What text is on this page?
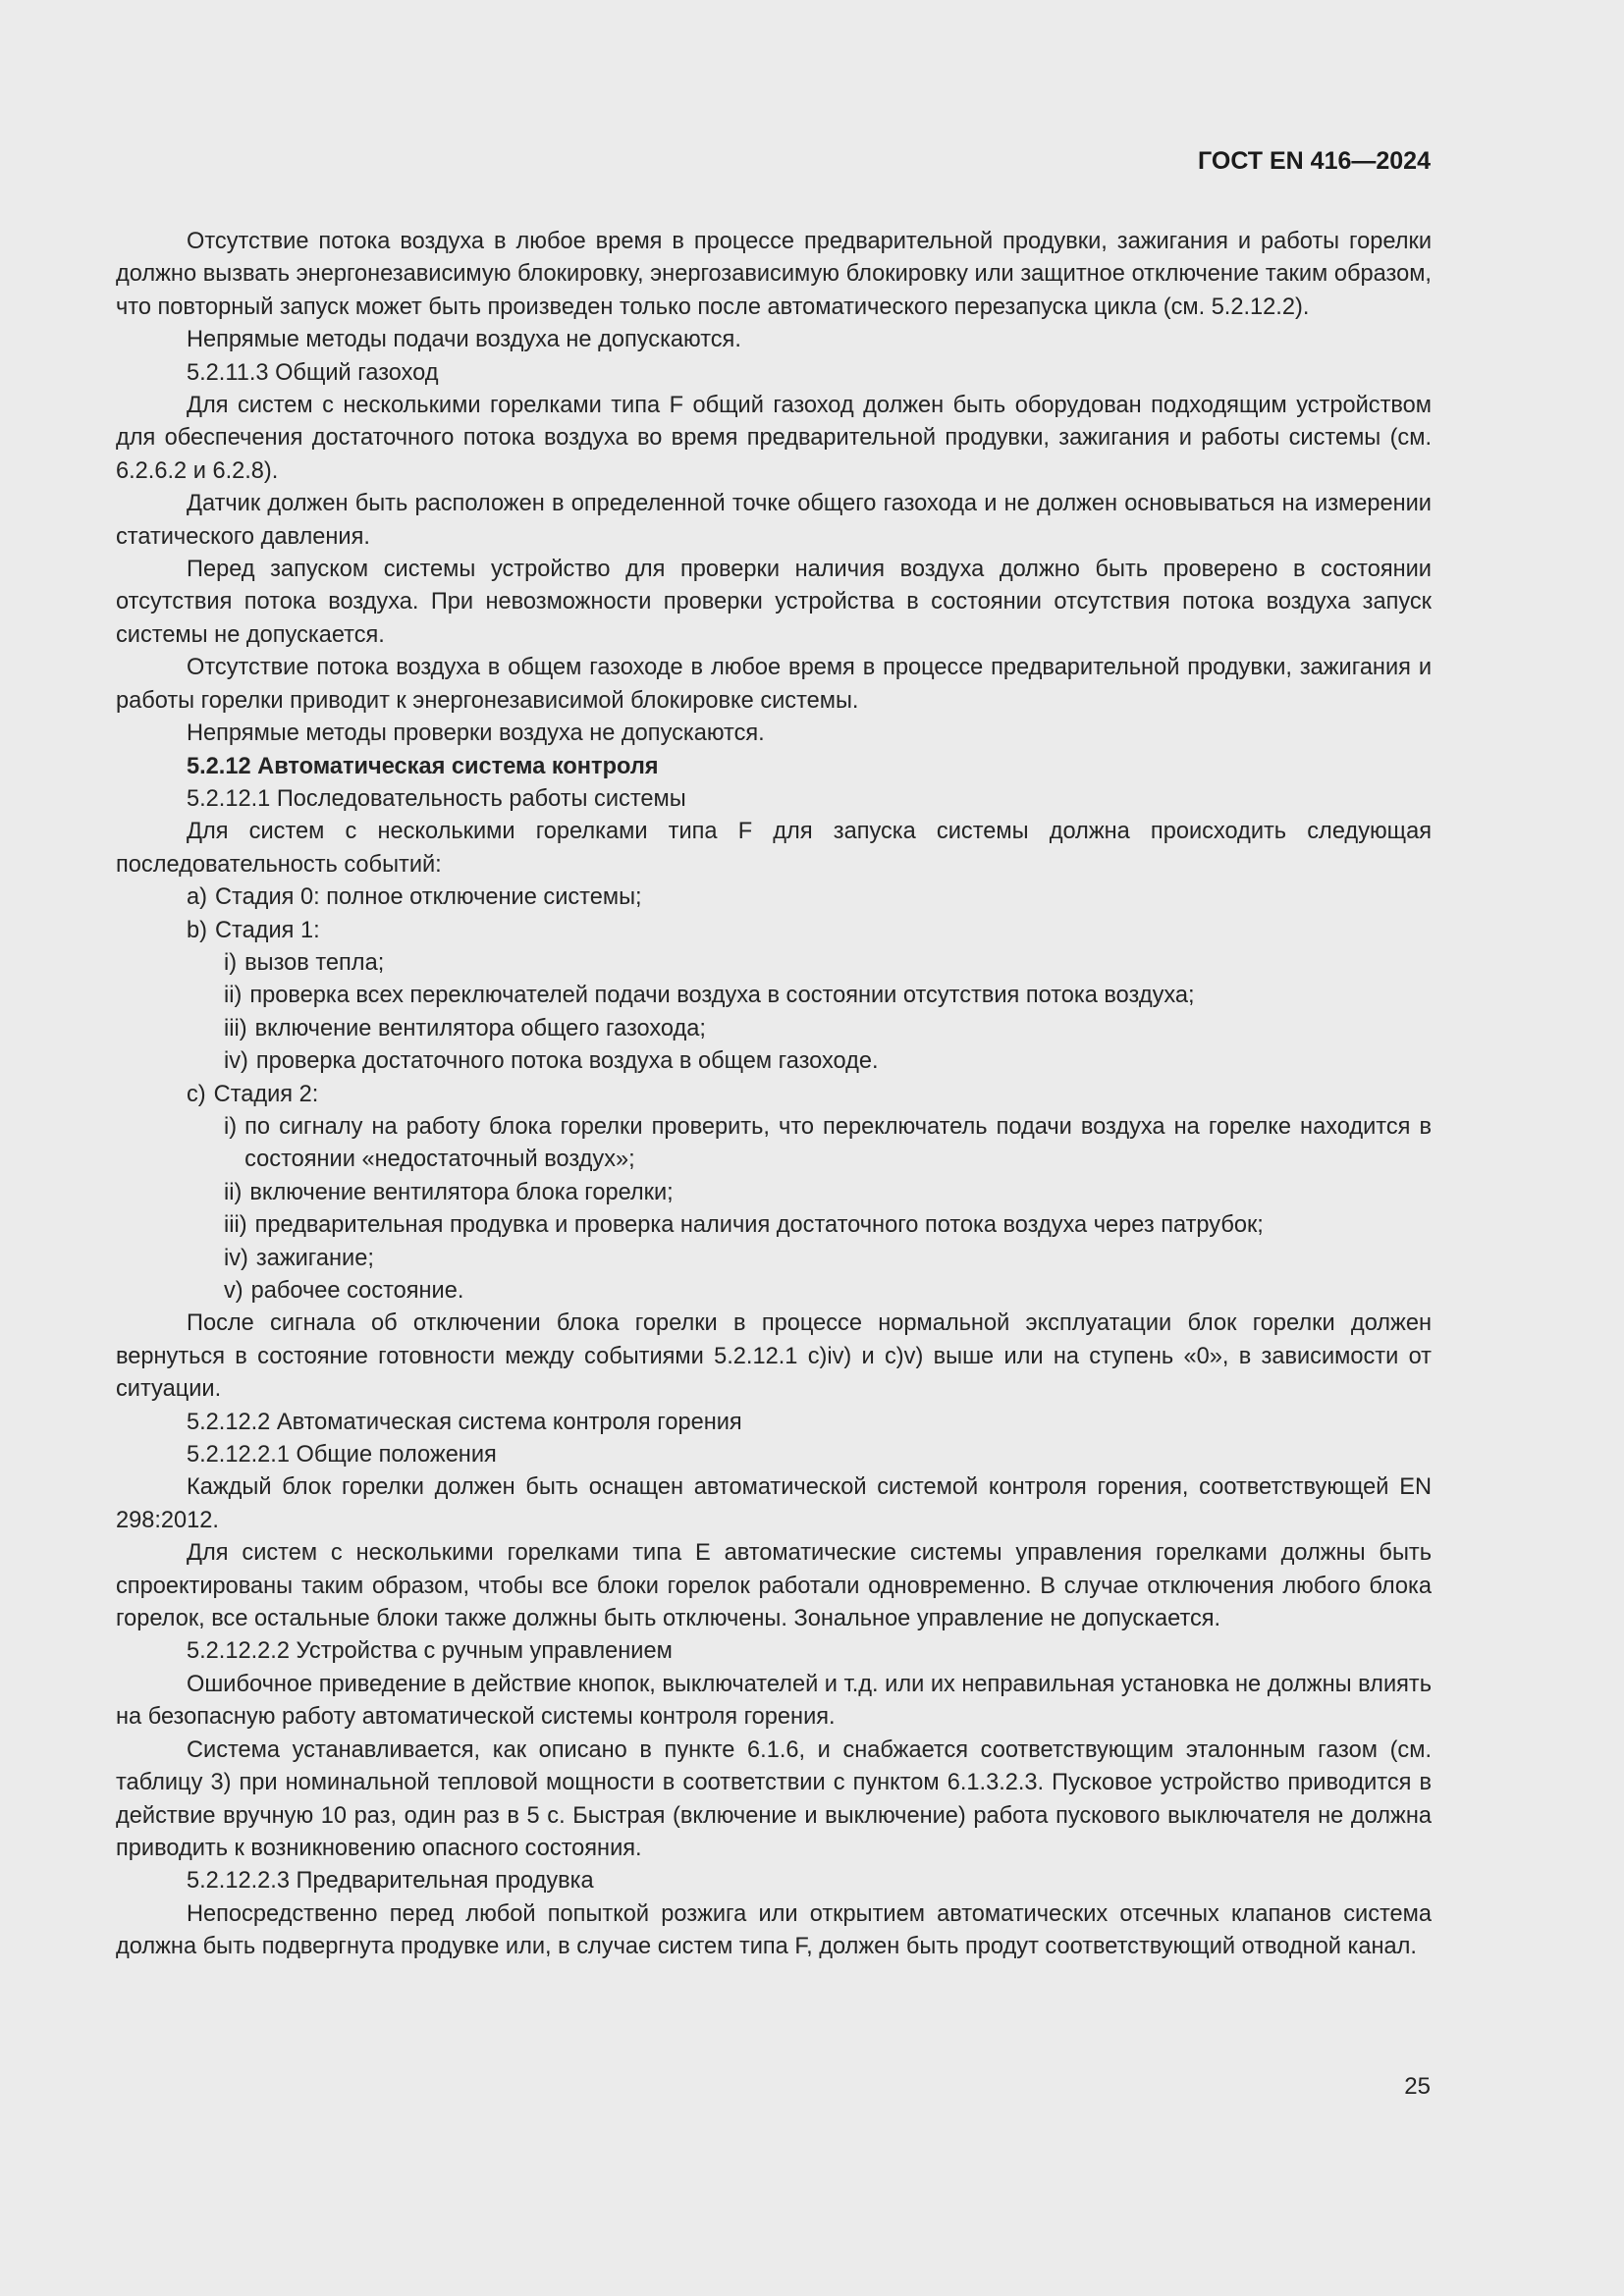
ГОСТ EN 416—2024

Отсутствие потока воздуха в любое время в процессе предварительной продувки, зажигания и работы горелки должно вызвать энергонезависимую блокировку, энергозависимую блокировку или защитное отключение таким образом, что повторный запуск может быть произведен только после автоматического перезапуска цикла (см. 5.2.12.2).

Непрямые методы подачи воздуха не допускаются.

5.2.11.3 Общий газоход

Для систем с несколькими горелками типа F общий газоход должен быть оборудован подходящим устройством для обеспечения достаточного потока воздуха во время предварительной продувки, зажигания и работы системы (см. 6.2.6.2 и 6.2.8).

Датчик должен быть расположен в определенной точке общего газохода и не должен основываться на измерении статического давления.

Перед запуском системы устройство для проверки наличия воздуха должно быть проверено в состоянии отсутствия потока воздуха. При невозможности проверки устройства в состоянии отсутствия потока воздуха запуск системы не допускается.

Отсутствие потока воздуха в общем газоходе в любое время в процессе предварительной продувки, зажигания и работы горелки приводит к энергонезависимой блокировке системы.

Непрямые методы проверки воздуха не допускаются.

5.2.12 Автоматическая система контроля

5.2.12.1 Последовательность работы системы

Для систем с несколькими горелками типа F для запуска системы должна происходить следующая последовательность событий:

a) Стадия 0: полное отключение системы;
b) Стадия 1:
i) вызов тепла;
ii) проверка всех переключателей подачи воздуха в состоянии отсутствия потока воздуха;
iii) включение вентилятора общего газохода;
iv) проверка достаточного потока воздуха в общем газоходе.
c) Стадия 2:
i) по сигналу на работу блока горелки проверить, что переключатель подачи воздуха на горелке находится в состоянии «недостаточный воздух»;
ii) включение вентилятора блока горелки;
iii) предварительная продувка и проверка наличия достаточного потока воздуха через патрубок;
iv) зажигание;
v) рабочее состояние.

После сигнала об отключении блока горелки в процессе нормальной эксплуатации блок горелки должен вернуться в состояние готовности между событиями 5.2.12.1 c)iv) и c)v) выше или на ступень «0», в зависимости от ситуации.

5.2.12.2 Автоматическая система контроля горения

5.2.12.2.1 Общие положения

Каждый блок горелки должен быть оснащен автоматической системой контроля горения, соответствующей EN 298:2012.

Для систем с несколькими горелками типа E автоматические системы управления горелками должны быть спроектированы таким образом, чтобы все блоки горелок работали одновременно. В случае отключения любого блока горелок, все остальные блоки также должны быть отключены. Зональное управление не допускается.

5.2.12.2.2 Устройства с ручным управлением

Ошибочное приведение в действие кнопок, выключателей и т.д. или их неправильная установка не должны влиять на безопасную работу автоматической системы контроля горения.

Система устанавливается, как описано в пункте 6.1.6, и снабжается соответствующим эталонным газом (см. таблицу 3) при номинальной тепловой мощности в соответствии с пунктом 6.1.3.2.3. Пусковое устройство приводится в действие вручную 10 раз, один раз в 5 с. Быстрая (включение и выключение) работа пускового выключателя не должна приводить к возникновению опасного состояния.

5.2.12.2.3 Предварительная продувка

Непосредственно перед любой попыткой розжига или открытием автоматических отсечных клапанов система должна быть подвергнута продувке или, в случае систем типа F, должен быть продут соответствующий отводной канал.

25
